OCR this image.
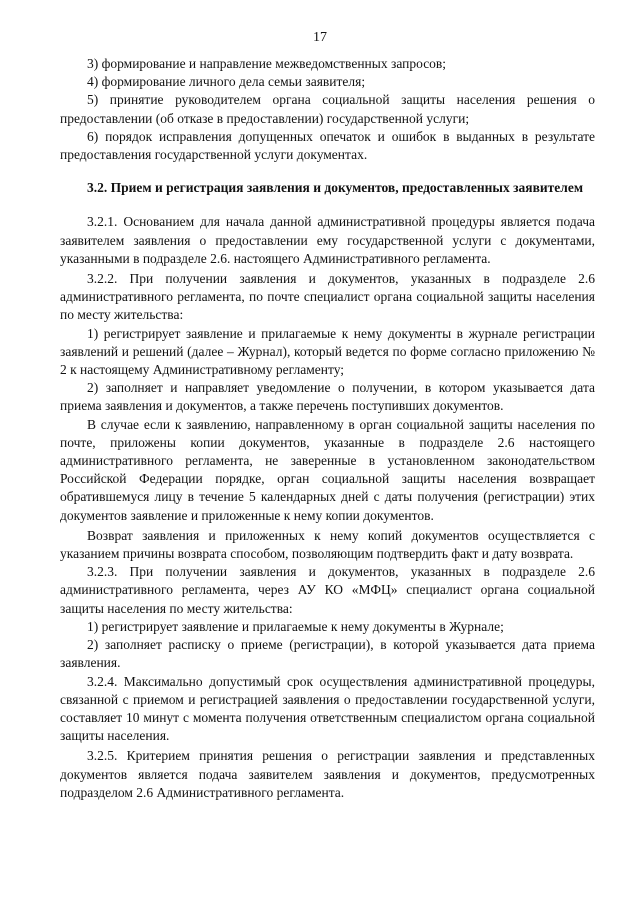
17

3) формирование и направление межведомственных запросов;

4) формирование личного дела семьи заявителя;

5) принятие руководителем органа социальной защиты населения решения о предоставлении (об отказе в предоставлении) государственной услуги;

6) порядок исправления допущенных опечаток и ошибок в выданных в результате предоставления государственной услуги документах.

3.2. Прием и регистрация заявления и документов, предоставленных заявителем

3.2.1. Основанием для начала данной административной процедуры является подача заявителем заявления о предоставлении ему государственной услуги с документами, указанными в подразделе 2.6. настоящего Административного регламента.

3.2.2. При получении заявления и документов, указанных в подразделе 2.6 административного регламента, по почте специалист органа социальной защиты населения по месту жительства:

1) регистрирует заявление и прилагаемые к нему документы в журнале регистрации заявлений и решений (далее – Журнал), который ведется по форме согласно приложению № 2 к настоящему Административному регламенту;

2) заполняет и направляет уведомление о получении, в котором указывается дата приема заявления и документов, а также перечень поступивших документов.

В случае если к заявлению, направленному в орган социальной защиты населения по почте, приложены копии документов, указанные в подразделе 2.6 настоящего административного регламента, не заверенные в установленном законодательством Российской Федерации порядке, орган социальной защиты населения возвращает обратившемуся лицу в течение 5 календарных дней с даты получения (регистрации) этих документов заявление и приложенные к нему копии документов.

Возврат заявления и приложенных к нему копий документов осуществляется с указанием причины возврата способом, позволяющим подтвердить факт и дату возврата.

3.2.3. При получении заявления и документов, указанных в подразделе 2.6 административного регламента, через АУ КО «МФЦ» специалист органа социальной защиты населения по месту жительства:

1) регистрирует заявление и прилагаемые к нему документы в Журнале;

2) заполняет расписку о приеме (регистрации), в которой указывается дата приема заявления.

3.2.4. Максимально допустимый срок осуществления административной процедуры, связанной с приемом и регистрацией заявления о предоставлении государственной услуги, составляет 10 минут с момента получения ответственным специалистом органа социальной защиты населения.

3.2.5. Критерием принятия решения о регистрации заявления и представленных документов является подача заявителем заявления и документов, предусмотренных подразделом 2.6 Административного регламента.
